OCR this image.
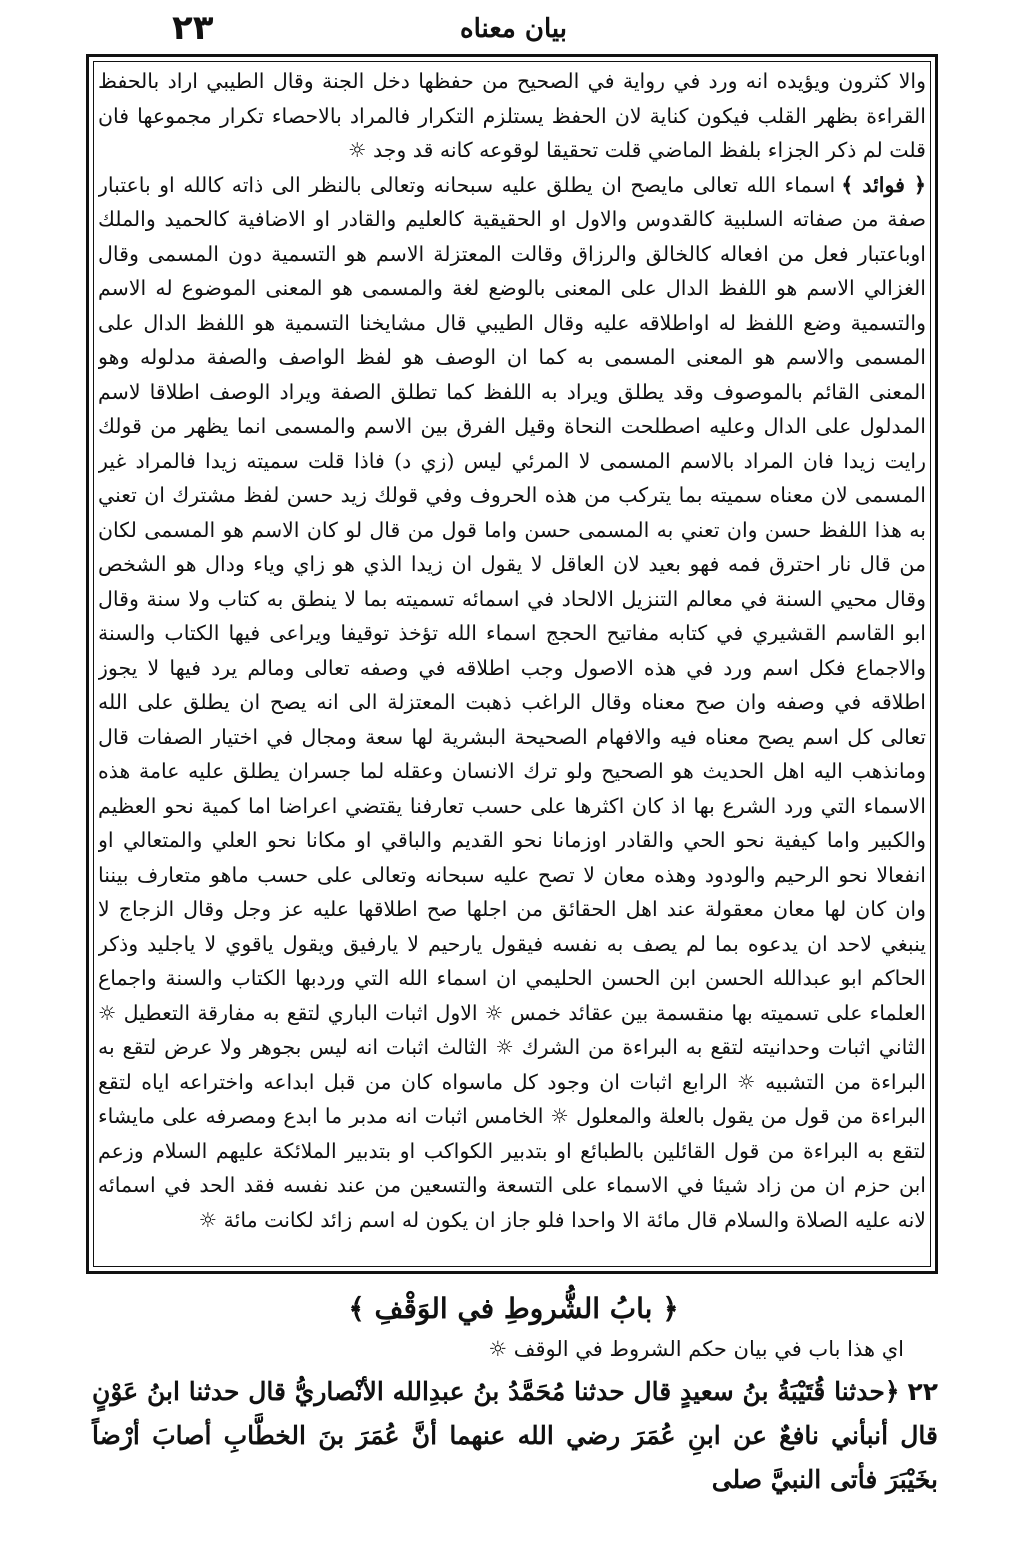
٢٣	بيان معناه

والا كثرون ويؤيده انه ورد في رواية في الصحيح من حفظها دخل الجنة وقال الطيبي اراد بالحفظ القراءة بظهر القلب فيكون كناية لان الحفظ يستلزم التكرار فالمراد بالاحصاء تكرار مجموعها فان قلت لم ذكر الجزاء بلفظ الماضي قلت تحقيقا لوقوعه كانه قد وجد ☼

﴿ فوائد ﴾اسماء الله تعالى مايصح ان يطلق عليه سبحانه وتعالى بالنظر الى ذاته كالله او باعتبار صفة من صفاته السلبية كالقدوس والاول او الحقيقية كالعليم والقادر او الاضافية كالحميد والملك اوباعتبار فعل من افعاله كالخالق والرزاق وقالت المعتزلة الاسم هو التسمية دون المسمى وقال الغزالي الاسم هو اللفظ الدال على المعنى بالوضع لغة والمسمى هو المعنى الموضوع له الاسم والتسمية وضع اللفظ له اواطلاقه عليه وقال الطيبي قال مشايخنا التسمية هو اللفظ الدال على المسمى والاسم هو المعنى المسمى به كما ان الوصف هو لفظ الواصف والصفة مدلوله وهو المعنى القائم بالموصوف وقد يطلق ويراد به اللفظ كما تطلق الصفة ويراد الوصف اطلاقا لاسم المدلول على الدال وعليه اصطلحت النحاة وقيل الفرق بين الاسم والمسمى انما يظهر من قولك رايت زيدا فان المراد بالاسم المسمى لا المرئي ليس (زي د) فاذا قلت سميته زيدا فالمراد غير المسمى لان معناه سميته بما يتركب من هذه الحروف وفي قولك زيد حسن لفظ مشترك ان تعني به هذا اللفظ حسن وان تعني به المسمى حسن واما قول من قال لو كان الاسم هو المسمى لكان من قال نار احترق فمه فهو بعيد لان العاقل لا يقول ان زيدا الذي هو زاي وياء ودال هو الشخص وقال محيي السنة في معالم التنزيل الالحاد في اسمائه تسميته بما لا ينطق به كتاب ولا سنة وقال ابو القاسم القشيري في كتابه مفاتيح الحجج اسماء الله تؤخذ توقيفا ويراعى فيها الكتاب والسنة والاجماع فكل اسم ورد في هذه الاصول وجب اطلاقه في وصفه تعالى ومالم يرد فيها لا يجوز اطلاقه في وصفه وان صح معناه وقال الراغب ذهبت المعتزلة الى انه يصح ان يطلق على الله تعالى كل اسم يصح معناه فيه والافهام الصحيحة البشرية لها سعة ومجال في اختيار الصفات قال ومانذهب اليه اهل الحديث هو الصحيح ولو ترك الانسان وعقله لما جسران يطلق عليه عامة هذه الاسماء التي ورد الشرع بها اذ كان اكثرها على حسب تعارفنا يقتضي اعراضا اما كمية نحو العظيم والكبير واما كيفية نحو الحي والقادر اوزمانا نحو القديم والباقي او مكانا نحو العلي والمتعالي او انفعالا نحو الرحيم والودود وهذه معان لا تصح عليه سبحانه وتعالى على حسب ماهو متعارف بيننا وان كان لها معان معقولة عند اهل الحقائق من اجلها صح اطلاقها عليه عز وجل وقال الزجاج لا ينبغي لاحد ان يدعوه بما لم يصف به نفسه فيقول يارحيم لا يارفيق ويقول ياقوي لا ياجليد وذكر الحاكم ابو عبدالله الحسن ابن الحسن الحليمي ان اسماء الله التي وردبها الكتاب والسنة واجماع العلماء على تسميته بها منقسمة بين عقائد خمس ☼ الاول اثبات الباري لتقع به مفارقة التعطيل ☼ الثاني اثبات وحدانيته لتقع به البراءة من الشرك ☼ الثالث اثبات انه ليس بجوهر ولا عرض لتقع به البراءة من التشبيه ☼ الرابع اثبات ان وجود كل ماسواه كان من قبل ابداعه واختراعه اياه لتقع البراءة من قول من يقول بالعلة والمعلول ☼ الخامس اثبات انه مدبر ما ابدع ومصرفه على مايشاء لتقع به البراءة من قول القائلين بالطبائع او بتدبير الكواكب او بتدبير الملائكة عليهم السلام وزعم ابن حزم ان من زاد شيئا في الاسماء على التسعة والتسعين من عند نفسه فقد الحد في اسمائه لانه عليه الصلاة والسلام قال مائة الا واحدا فلو جاز ان يكون له اسم زائد لكانت مائة ☼

﴿ بابُ الشُّروطِ في الوَقْفِ ﴾

اي هذا باب في بيان حكم الشروط في الوقف ☼

٢٢﴿حدثنا قُتَيْبَةُ بنُ سعيدٍ قال حدثنا مُحَمَّدُ بنُ عبدِالله الأنْصاريُّ قال حدثنا ابنُ عَوْنٍ قال أنبأني نافعٌ عن ابنِ عُمَرَ رضي الله عنهما أنَّ عُمَرَ بنَ الخطَّابِ أصابَ أرْضاً بخَيْبَرَ فأتى النبيَّ صلى
